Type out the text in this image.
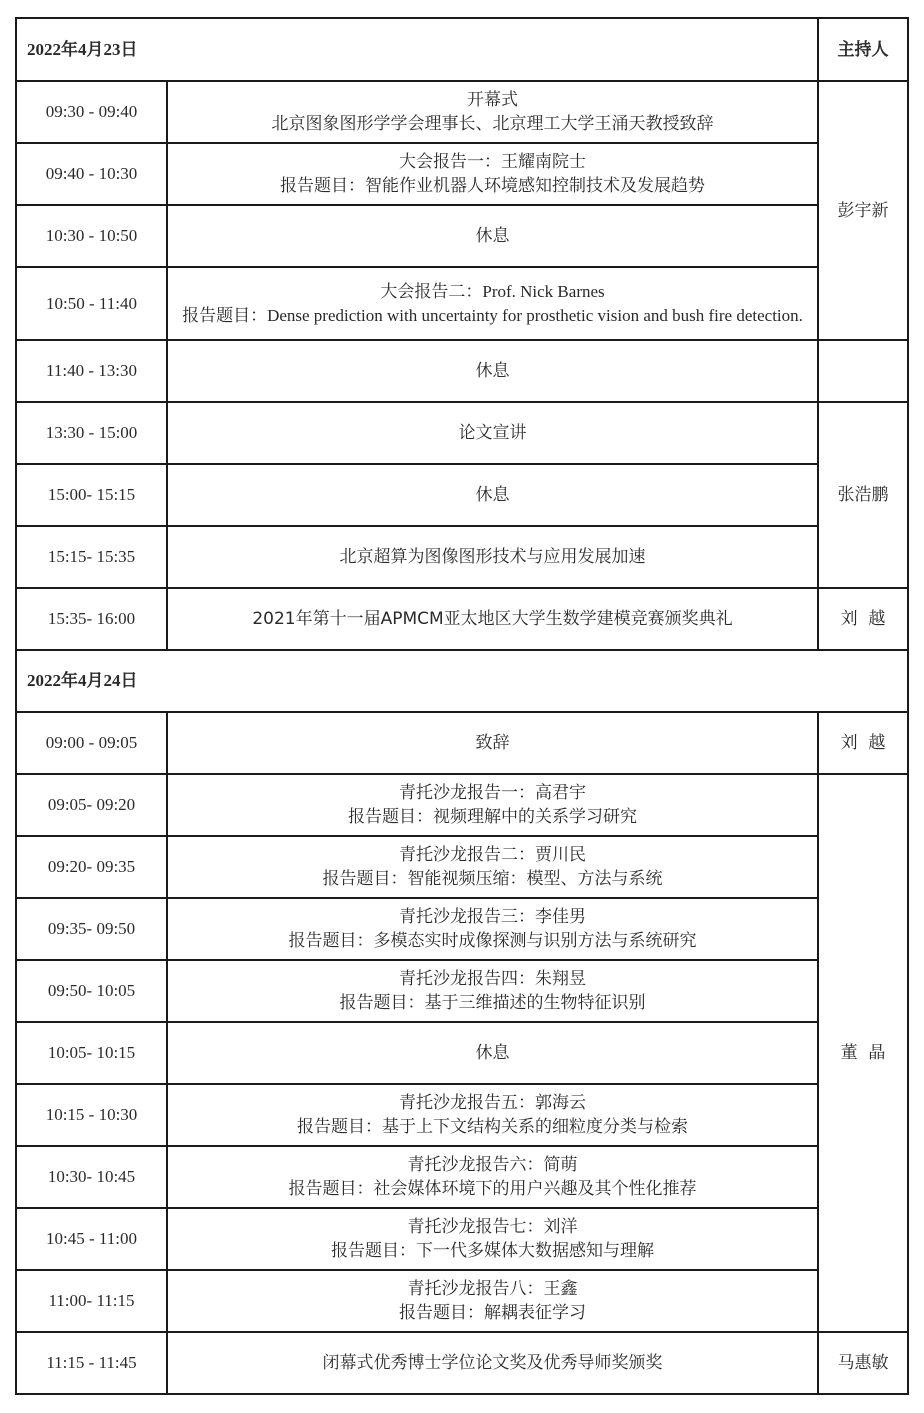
2022年4月23日		主持人
09:30 - 09:40	开幕式
北京图象图形学学会理事长、北京理工大学王涌天教授致辞	彭宇新
09:40 - 10:30	大会报告一：王耀南院士
报告题目：智能作业机器人环境感知控制技术及发展趋势	

10:30 - 10:50	休息	
10:50 - 11:40	大会报告二：Prof. Nick Barnes
报告题目：Dense prediction with uncertainty for prosthetic vision and bush fire detection.	

11:40 - 13:30	休息	
13:30 - 15:00	论文宣讲	张浩鹏
15:00- 15:15	休息	
15:15- 15:35	北京超算为图像图形技术与应用发展加速	
15:35- 16:00	2021年第十一届APMCM亚太地区大学生数学建模竞赛颁奖典礼	刘  越
2022年4月24日		
09:00 - 09:05	致辞	刘  越
09:05- 09:20	青托沙龙报告一：高君宇
报告题目：视频理解中的关系学习研究	董  晶
09:20- 09:35	青托沙龙报告二：贾川民
报告题目：智能视频压缩：模型、方法与系统	

09:35- 09:50	青托沙龙报告三：李佳男
报告题目：多模态实时成像探测与识别方法与系统研究	

09:50- 10:05	青托沙龙报告四：朱翔昱
报告题目：基于三维描述的生物特征识别	

10:05- 10:15	休息	
10:15 - 10:30	青托沙龙报告五：郭海云
报告题目：基于上下文结构关系的细粒度分类与检索	

10:30- 10:45	青托沙龙报告六：简萌
报告题目：社会媒体环境下的用户兴趣及其个性化推荐	

10:45 - 11:00	青托沙龙报告七：刘洋
报告题目：下一代多媒体大数据感知与理解	

11:00- 11:15	青托沙龙报告八：王鑫
报告题目：解耦表征学习	

11:15 - 11:45	闭幕式优秀博士学位论文奖及优秀导师奖颁奖	马惠敏
